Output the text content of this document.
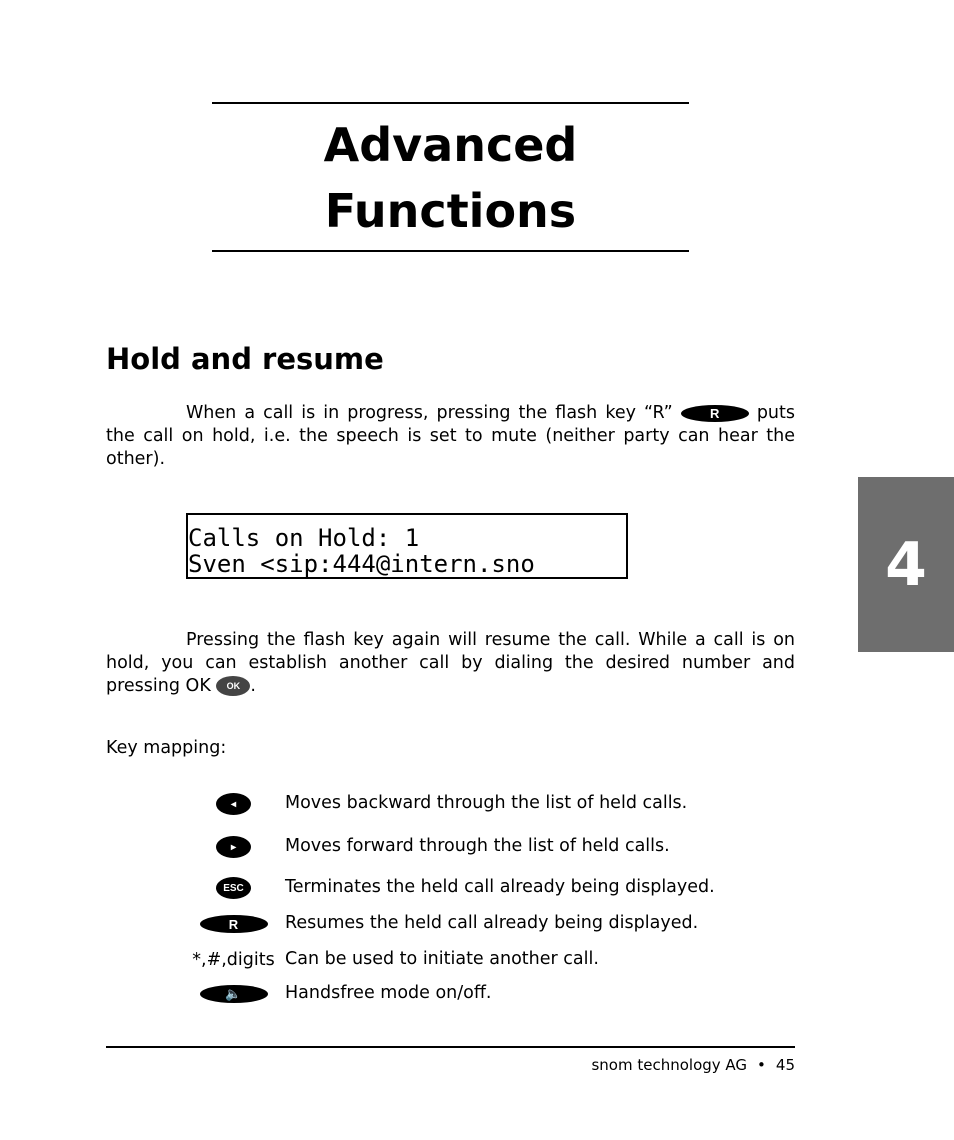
Advanced
Functions
4
Hold and resume

When a call is in progress, pressing the flash key “R”	R puts the call on hold, i.e. the speech is set to mute (neither party can hear the other).

Calls on Hold: 1
Sven <sip:444@intern.sno

Pressing the flash key again will resume the call. While a call is on hold, you can establish another call by dialing the desired number and pressing OK OK .

Key mapping:
◂	Moves backward through the list of held calls.
▸	Moves forward through the list of held calls.
ESC	Terminates the held call already being displayed.
R	Resumes the held call already being displayed.
*,#,digits Can be used to initiate another call.
🔈	Handsfree mode on/off.
snom technology AG • 45
